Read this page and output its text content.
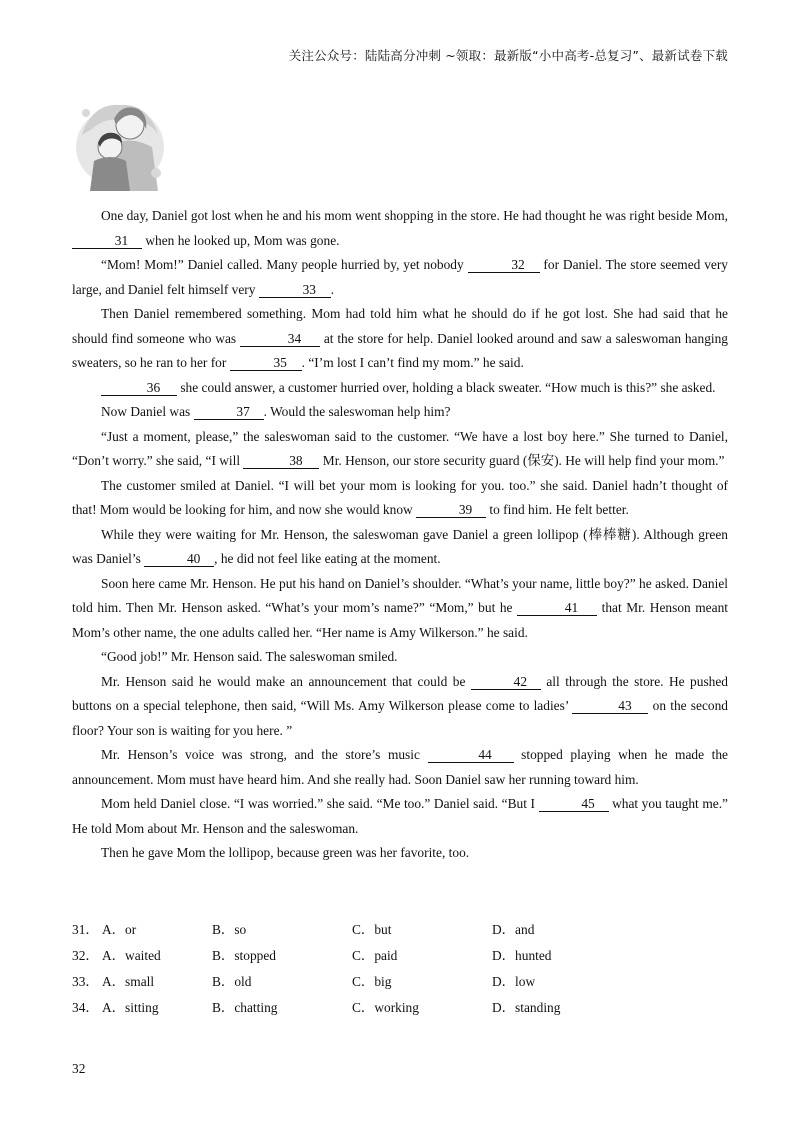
关注公众号：陆陆高分冲刺 ~领取：最新版“小中高考-总复习”、最新试卷下载

One day, Daniel got lost when he and his mom went shopping in the store. He had thought he was right beside Mom, 31 when he looked up, Mom was gone.

“Mom! Mom!” Daniel called. Many people hurried by, yet nobody	32 for Daniel. The store seemed very large, and Daniel felt himself very	33 .

Then Daniel remembered something. Mom had told him what he should do if he got lost. She had said that he should find someone who was	34 at the store for help. Daniel looked around and saw a saleswoman hanging sweaters, so he ran to her for	35 . “I’m lost I can’t find my mom.” he said.

36 she could answer, a customer hurried over, holding a black sweater. “How much is this?” she asked.

Now Daniel was	37 . Would the saleswoman help him?

“Just a moment, please,” the saleswoman said to the customer. “We have a lost boy here.” She turned to Daniel, “Don’t worry.” she said, “I will	38 Mr. Henson, our store security guard (保安). He will help find your mom.”

The customer smiled at Daniel. “I will bet your mom is looking for you. too.” she said. Daniel hadn’t thought of that! Mom would be looking for him, and now she would know	39 to find him. He felt better.

While they were waiting for Mr. Henson, the saleswoman gave Daniel a green lollipop (棒棒糖). Although green was Daniel’s	40 , he did not feel like eating at the moment.

Soon here came Mr. Henson. He put his hand on Daniel’s shoulder. “What’s your name, little boy?” he asked. Daniel told him. Then Mr. Henson asked. “What’s your mom’s name?” “Mom,” but he	41 that Mr. Henson meant Mom’s other name, the one adults called her. “Her name is Amy Wilkerson.” he said.

“Good job!” Mr. Henson said. The saleswoman smiled.

Mr. Henson said he would make an announcement that could be	42 all through the store. He pushed buttons on a special telephone, then said, “Will Ms. Amy Wilkerson please come to ladies’	43 on the second floor? Your son is waiting for you here. ”

Mr. Henson’s voice was strong, and the store’s music	44 stopped playing when he made the announcement. Mom must have heard him. And she really had. Soon Daniel saw her running toward him.

Mom held Daniel close. “I was worried.” she said. “Me too.” Daniel said. “But I	45 what you taught me.” He told Mom about Mr. Henson and the saleswoman.

Then he gave Mom the lollipop, because green was her favorite, too.

31． A．or	B．so	C．but	D．and
32． A．waited	B．stopped	C．paid	D．hunted
33． A．small	B．old	C．big	D．low
34． A．sitting	B．chatting	C．working	D．standing
32
